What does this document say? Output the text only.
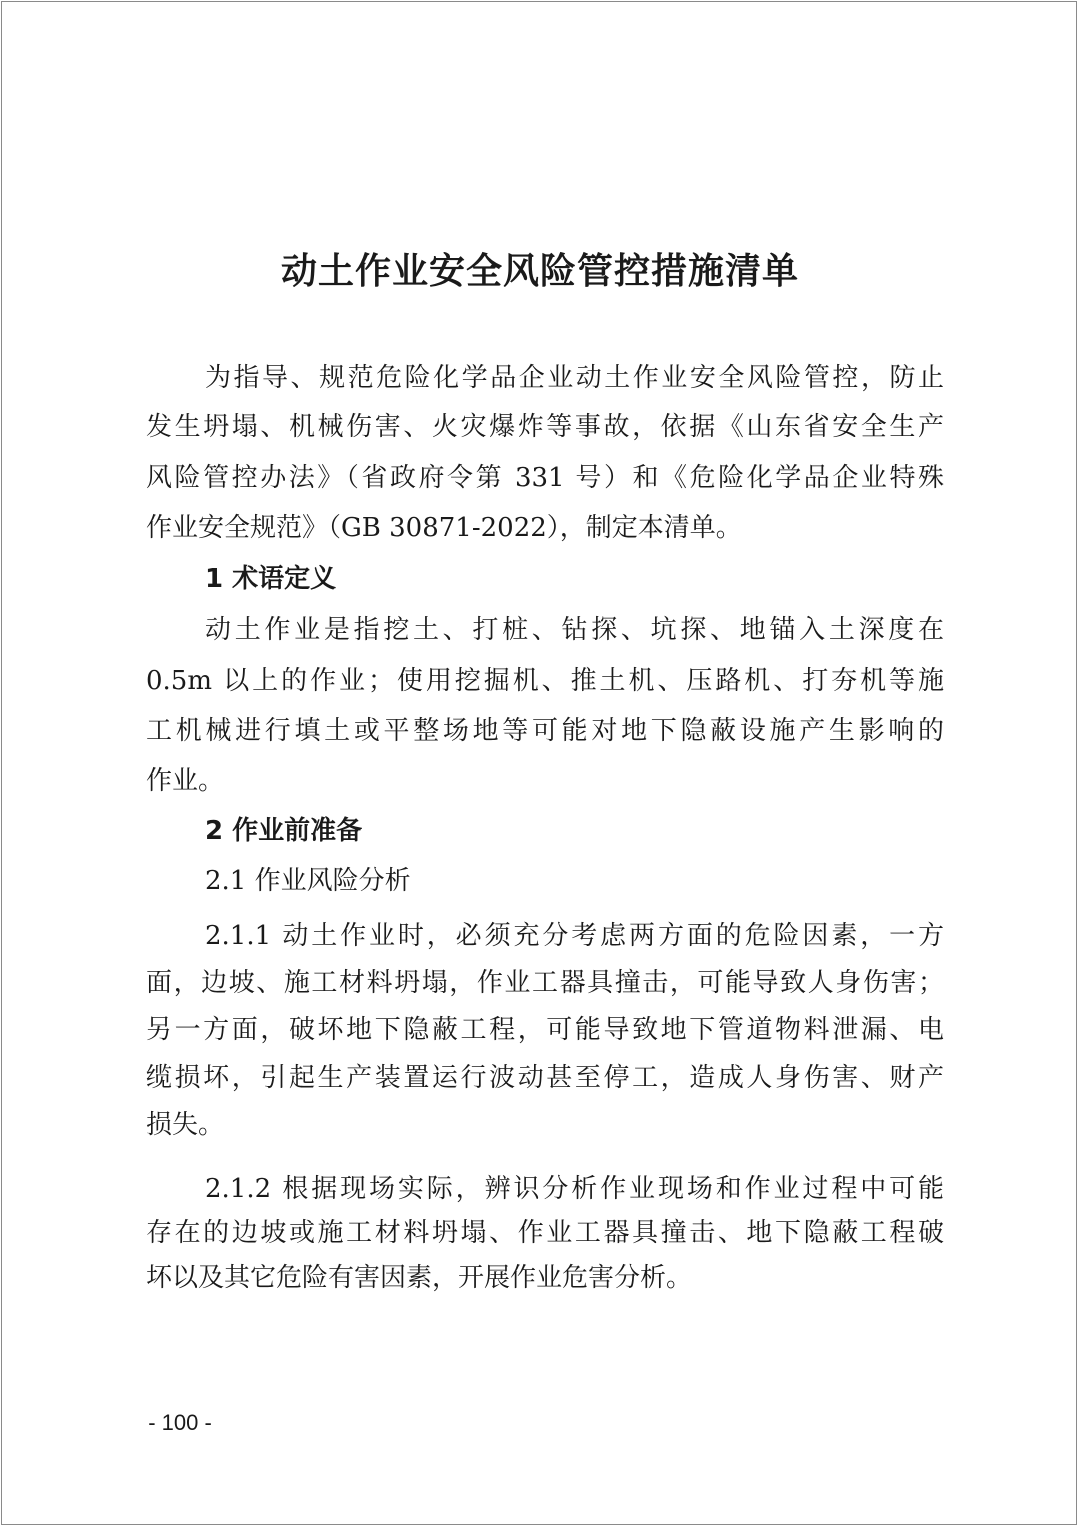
动土作业安全风险管控措施清单
为指导、规范危险化学品企业动土作业安全风险管控，防止
发生坍塌、机械伤害、火灾爆炸等事故，依据《山东省安全生产
风险管控办法》（省政府令第 331 号）和《危险化学品企业特殊
作业安全规范》（GB 30871-2022），制定本清单。
1 术语定义
动土作业是指挖土、打桩、钻探、坑探、地锚入土深度在
0.5m 以上的作业；使用挖掘机、推土机、压路机、打夯机等施
工机械进行填土或平整场地等可能对地下隐蔽设施产生影响的
作业。
2 作业前准备
2.1 作业风险分析
2.1.1 动土作业时，必须充分考虑两方面的危险因素，一方
面，边坡、施工材料坍塌，作业工器具撞击，可能导致人身伤害；
另一方面，破坏地下隐蔽工程，可能导致地下管道物料泄漏、电
缆损坏，引起生产装置运行波动甚至停工，造成人身伤害、财产
损失。
2.1.2 根据现场实际，辨识分析作业现场和作业过程中可能
存在的边坡或施工材料坍塌、作业工器具撞击、地下隐蔽工程破
坏以及其它危险有害因素，开展作业危害分析。
- 100 -
